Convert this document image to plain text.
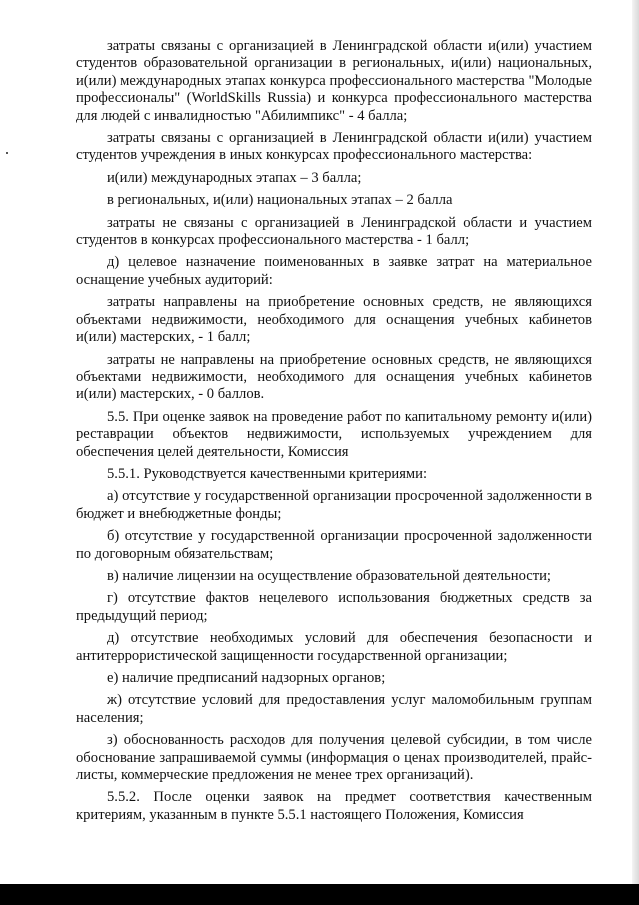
затраты связаны с организацией в Ленинградской области и(или) участием студентов образовательной организации в региональных, и(или) национальных, и(или) международных этапах конкурса профессионального мастерства "Молодые профессионалы" (WorldSkills Russia) и конкурса профессионального мастерства для людей с инвалидностью "Абилимпикс" - 4 балла;

затраты связаны с организацией в Ленинградской области и(или) участием студентов учреждения в иных конкурсах профессионального мастерства:

и(или) международных этапах – 3 балла;

в региональных, и(или) национальных этапах – 2 балла

затраты не связаны с организацией в Ленинградской области и участием студентов в конкурсах профессионального мастерства - 1 балл;

д) целевое назначение поименованных в заявке затрат на материальное оснащение учебных аудиторий:

затраты направлены на приобретение основных средств, не являющихся объектами недвижимости, необходимого для оснащения учебных кабинетов и(или) мастерских, - 1 балл;

затраты не направлены на приобретение основных средств, не являющихся объектами недвижимости, необходимого для оснащения учебных кабинетов и(или) мастерских, - 0 баллов.

5.5. При оценке заявок на проведение работ по капитальному ремонту и(или) реставрации объектов недвижимости, используемых учреждением для обеспечения целей деятельности, Комиссия

5.5.1. Руководствуется качественными критериями:

а) отсутствие у государственной организации просроченной задолженности в бюджет и внебюджетные фонды;

б) отсутствие у государственной организации просроченной задолженности по договорным обязательствам;

в) наличие лицензии на осуществление образовательной деятельности;

г) отсутствие фактов нецелевого использования бюджетных средств за предыдущий период;

д) отсутствие необходимых условий для обеспечения безопасности и антитеррористической защищенности государственной организации;

е) наличие предписаний надзорных органов;

ж) отсутствие условий для предоставления услуг маломобильным группам населения;

з) обоснованность расходов для получения целевой субсидии, в том числе обоснование запрашиваемой суммы (информация о ценах производителей, прайс-листы, коммерческие предложения не менее трех организаций).

5.5.2. После оценки заявок на предмет соответствия качественным критериям, указанным в пункте 5.5.1 настоящего Положения, Комиссия
